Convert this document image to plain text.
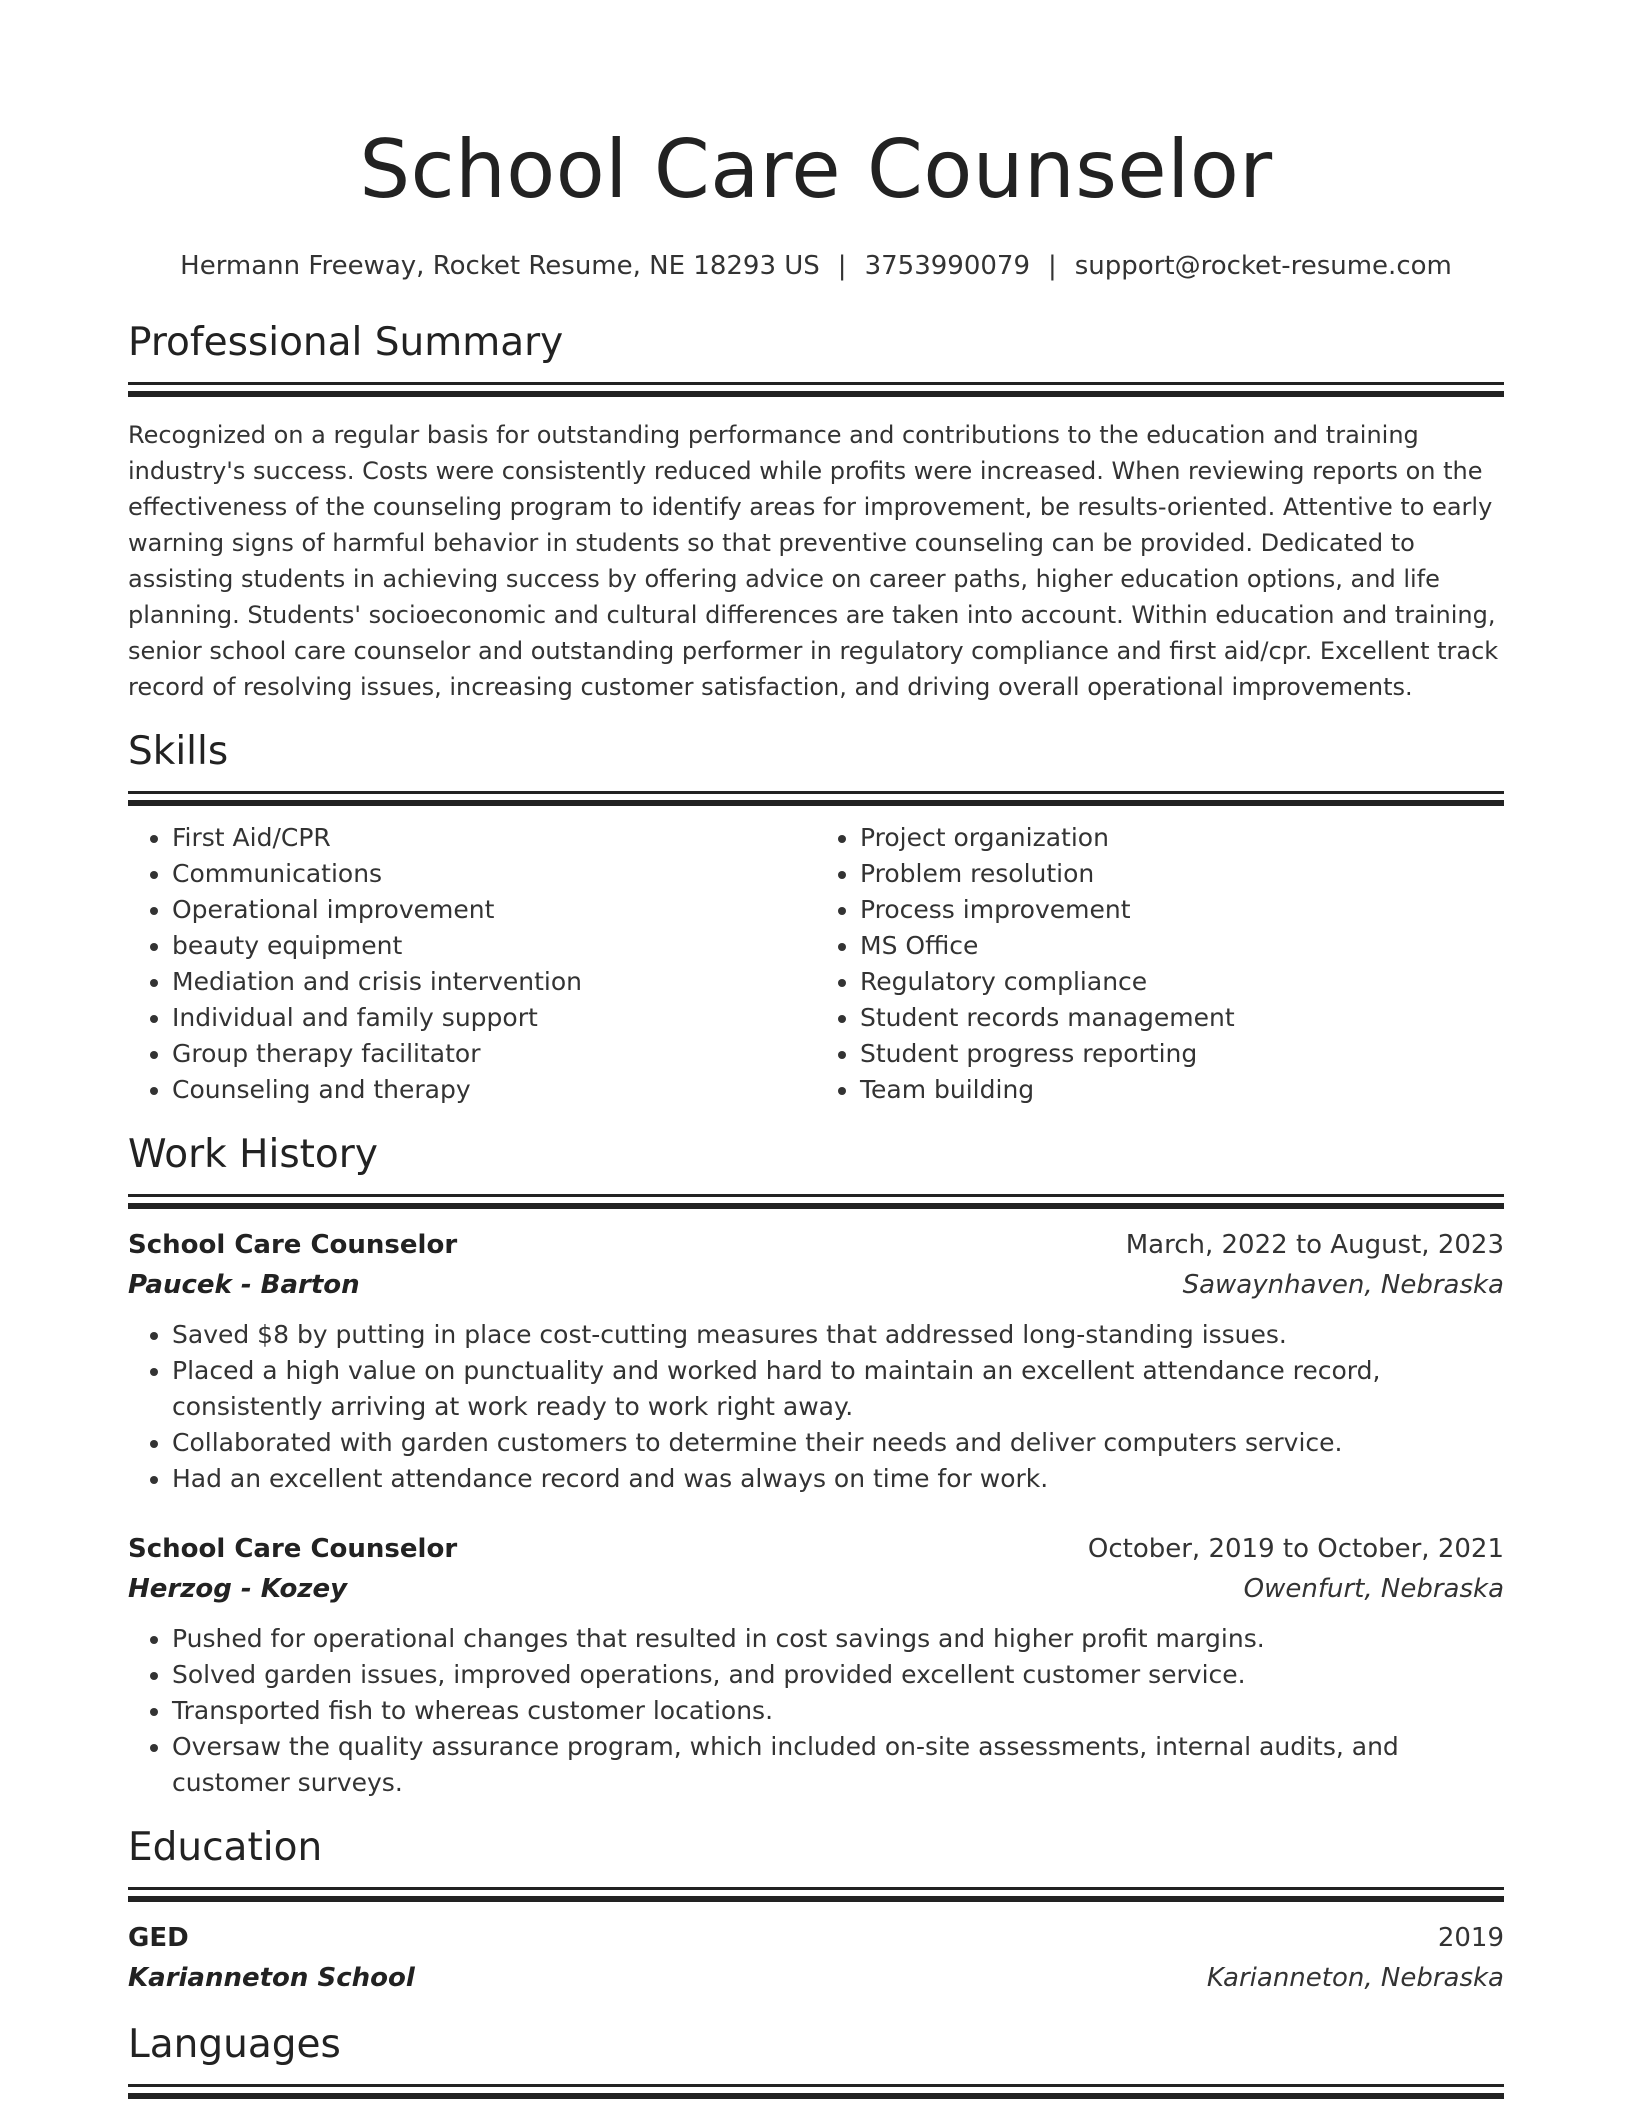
School Care Counselor
Hermann Freeway, Rocket Resume, NE 18293 US | 3753990079 | support@rocket-resume.com
Professional Summary
Recognized on a regular basis for outstanding performance and contributions to the education and training industry's success. Costs were consistently reduced while profits were increased. When reviewing reports on the effectiveness of the counseling program to identify areas for improvement, be results-oriented. Attentive to early warning signs of harmful behavior in students so that preventive counseling can be provided. Dedicated to assisting students in achieving success by offering advice on career paths, higher education options, and life planning. Students' socioeconomic and cultural differences are taken into account. Within education and training, senior school care counselor and outstanding performer in regulatory compliance and first aid/cpr. Excellent track record of resolving issues, increasing customer satisfaction, and driving overall operational improvements.
Skills
• First Aid/CPR
• Communications
• Operational improvement
• beauty equipment
• Mediation and crisis intervention
• Individual and family support
• Group therapy facilitator
• Counseling and therapy
• Project organization
• Problem resolution
• Process improvement
• MS Office
• Regulatory compliance
• Student records management
• Student progress reporting
• Team building
Work History
School Care Counselor	March, 2022 to August, 2023
Paucek - Barton	Sawaynhaven, Nebraska
• Saved $8 by putting in place cost-cutting measures that addressed long-standing issues.
• Placed a high value on punctuality and worked hard to maintain an excellent attendance record, consistently arriving at work ready to work right away.
• Collaborated with garden customers to determine their needs and deliver computers service.
• Had an excellent attendance record and was always on time for work.
School Care Counselor	October, 2019 to October, 2021
Herzog - Kozey	Owenfurt, Nebraska
• Pushed for operational changes that resulted in cost savings and higher profit margins.
• Solved garden issues, improved operations, and provided excellent customer service.
• Transported fish to whereas customer locations.
• Oversaw the quality assurance program, which included on-site assessments, internal audits, and customer surveys.
Education
GED	2019
Karianneton School	Karianneton, Nebraska
Languages
